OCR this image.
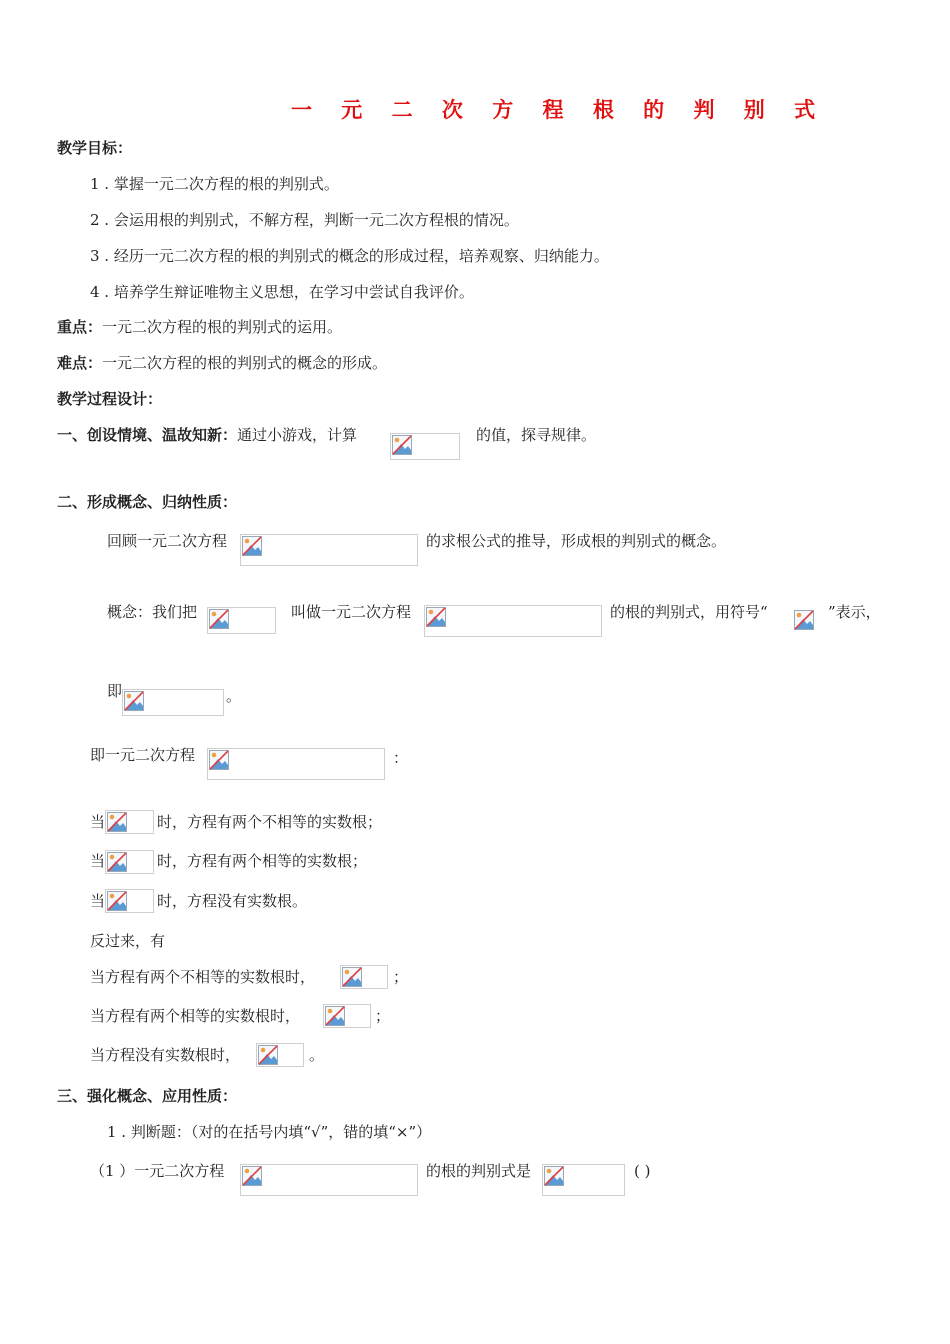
一 元 二 次 方 程 根 的 判 别 式
教学目标：
1 . 掌握一元二次方程的根的判别式。
2 . 会运用根的判别式，不解方程，判断一元二次方程根的情况。
3 . 经历一元二次方程的根的判别式的概念的形成过程，培养观察、归纳能力。
4 . 培养学生辩证唯物主义思想，在学习中尝试自我评价。
重点：一元二次方程的根的判别式的运用。
难点：一元二次方程的根的判别式的概念的形成。
教学过程设计：
一、创设情境、温故知新：通过小游戏，计算	的值，探寻规律。
二、形成概念、归纳性质：
回顾一元二次方程	的求根公式的推导，形成根的判别式的概念。
概念：我们把	叫做一元二次方程	的根的判别式，用符号“	”表示，
即	。
即一元二次方程	：
当	时，方程有两个不相等的实数根；
当	时，方程有两个相等的实数根；
当	时，方程没有实数根。
反过来，有
当方程有两个不相等的实数根时，	；
当方程有两个相等的实数根时，	；
当方程没有实数根时，	。
三、强化概念、应用性质：
1 . 判断题：（对的在括号内填“√”，错的填“×”）
（1 ）一元二次方程	的根的判别式是	( )
